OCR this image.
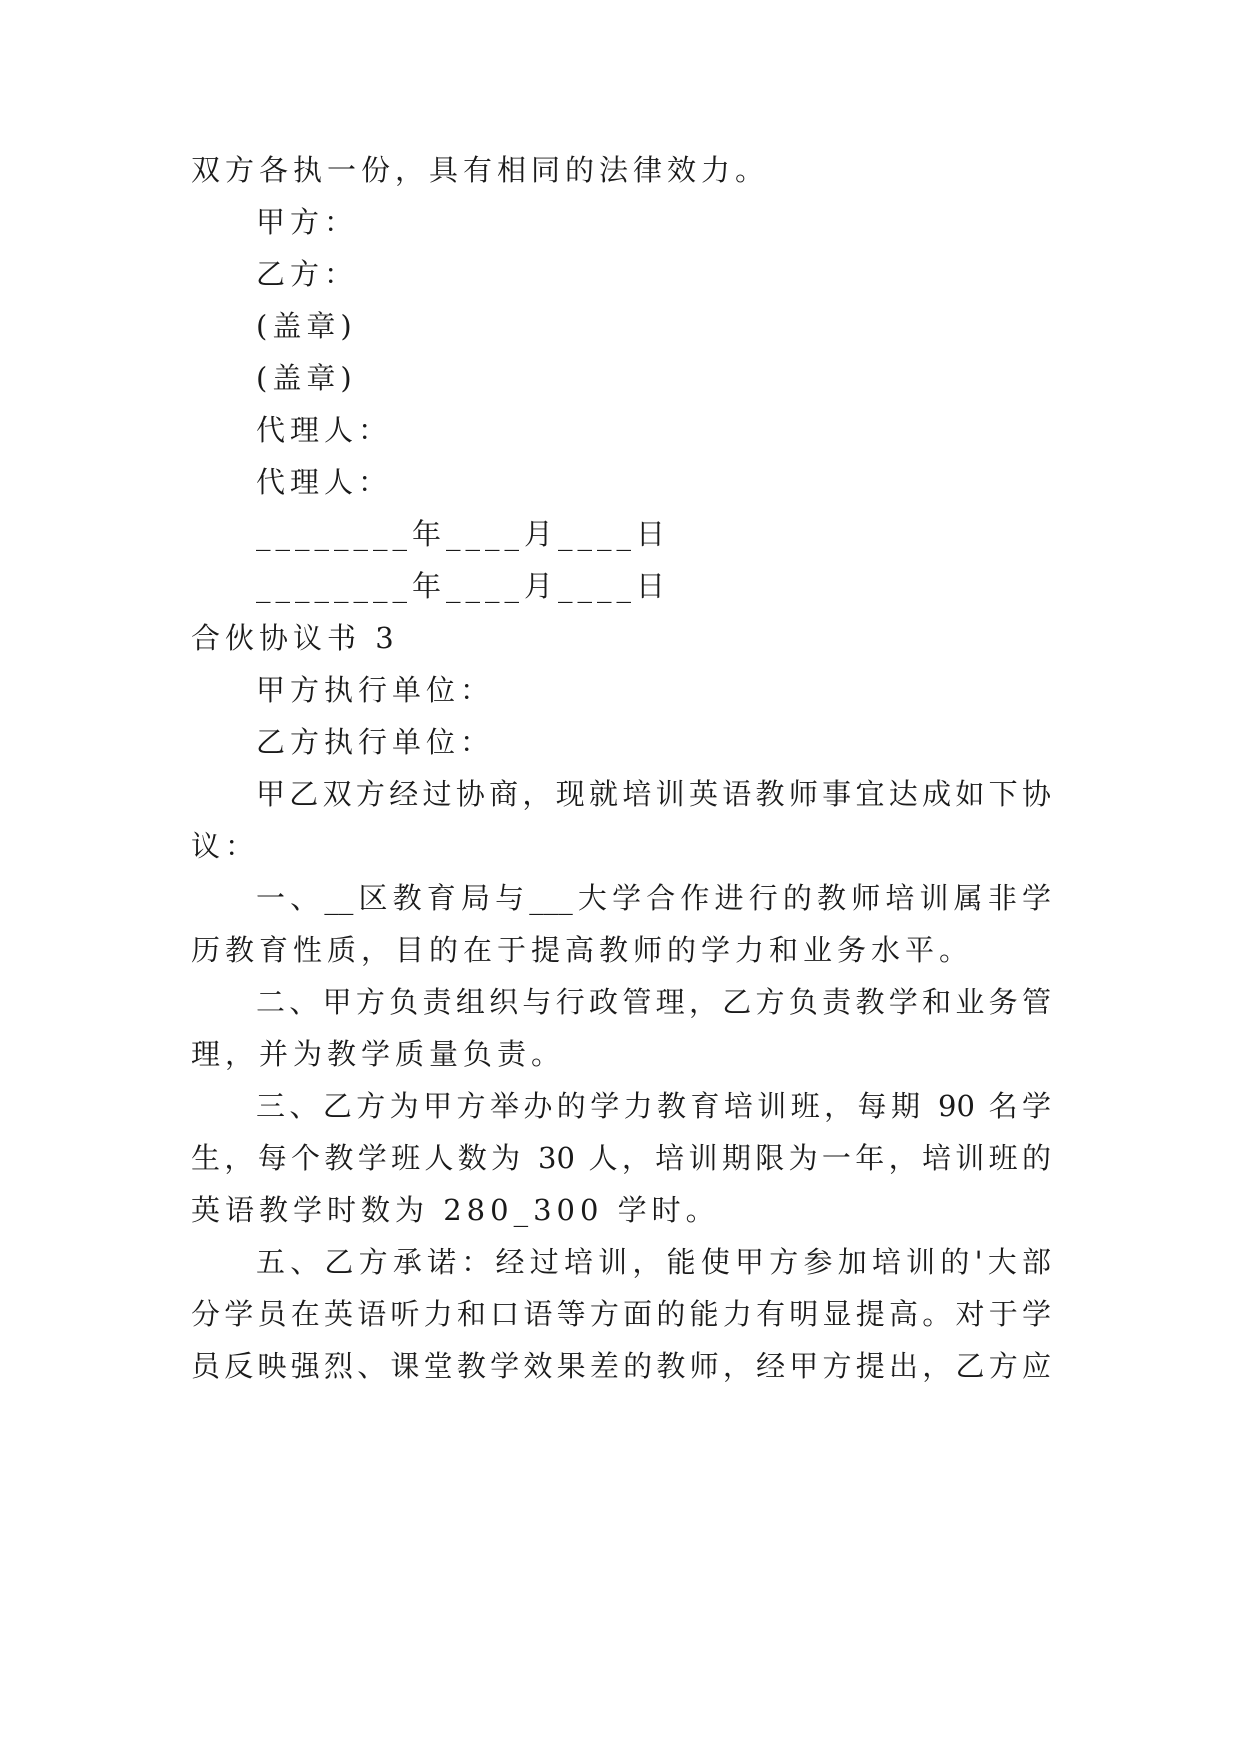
双方各执一份，具有相同的法律效力。
甲方：
乙方：
(盖章)
(盖章)
代理人：
代理人：
________年____月____日
________年____月____日
合伙协议书 3
甲方执行单位：
乙方执行单位：
甲乙双方经过协商，现就培训英语教师事宜达成如下协
议：
一、__区教育局与___大学合作进行的教师培训属非学
历教育性质，目的在于提高教师的学力和业务水平。
二、甲方负责组织与行政管理，乙方负责教学和业务管
理，并为教学质量负责。
三、乙方为甲方举办的学力教育培训班，每期 90 名学
生，每个教学班人数为 30 人，培训期限为一年，培训班的
英语教学时数为 280_300 学时。
五、乙方承诺：经过培训，能使甲方参加培训的'大部
分学员在英语听力和口语等方面的能力有明显提高。对于学
员反映强烈、课堂教学效果差的教师，经甲方提出，乙方应
